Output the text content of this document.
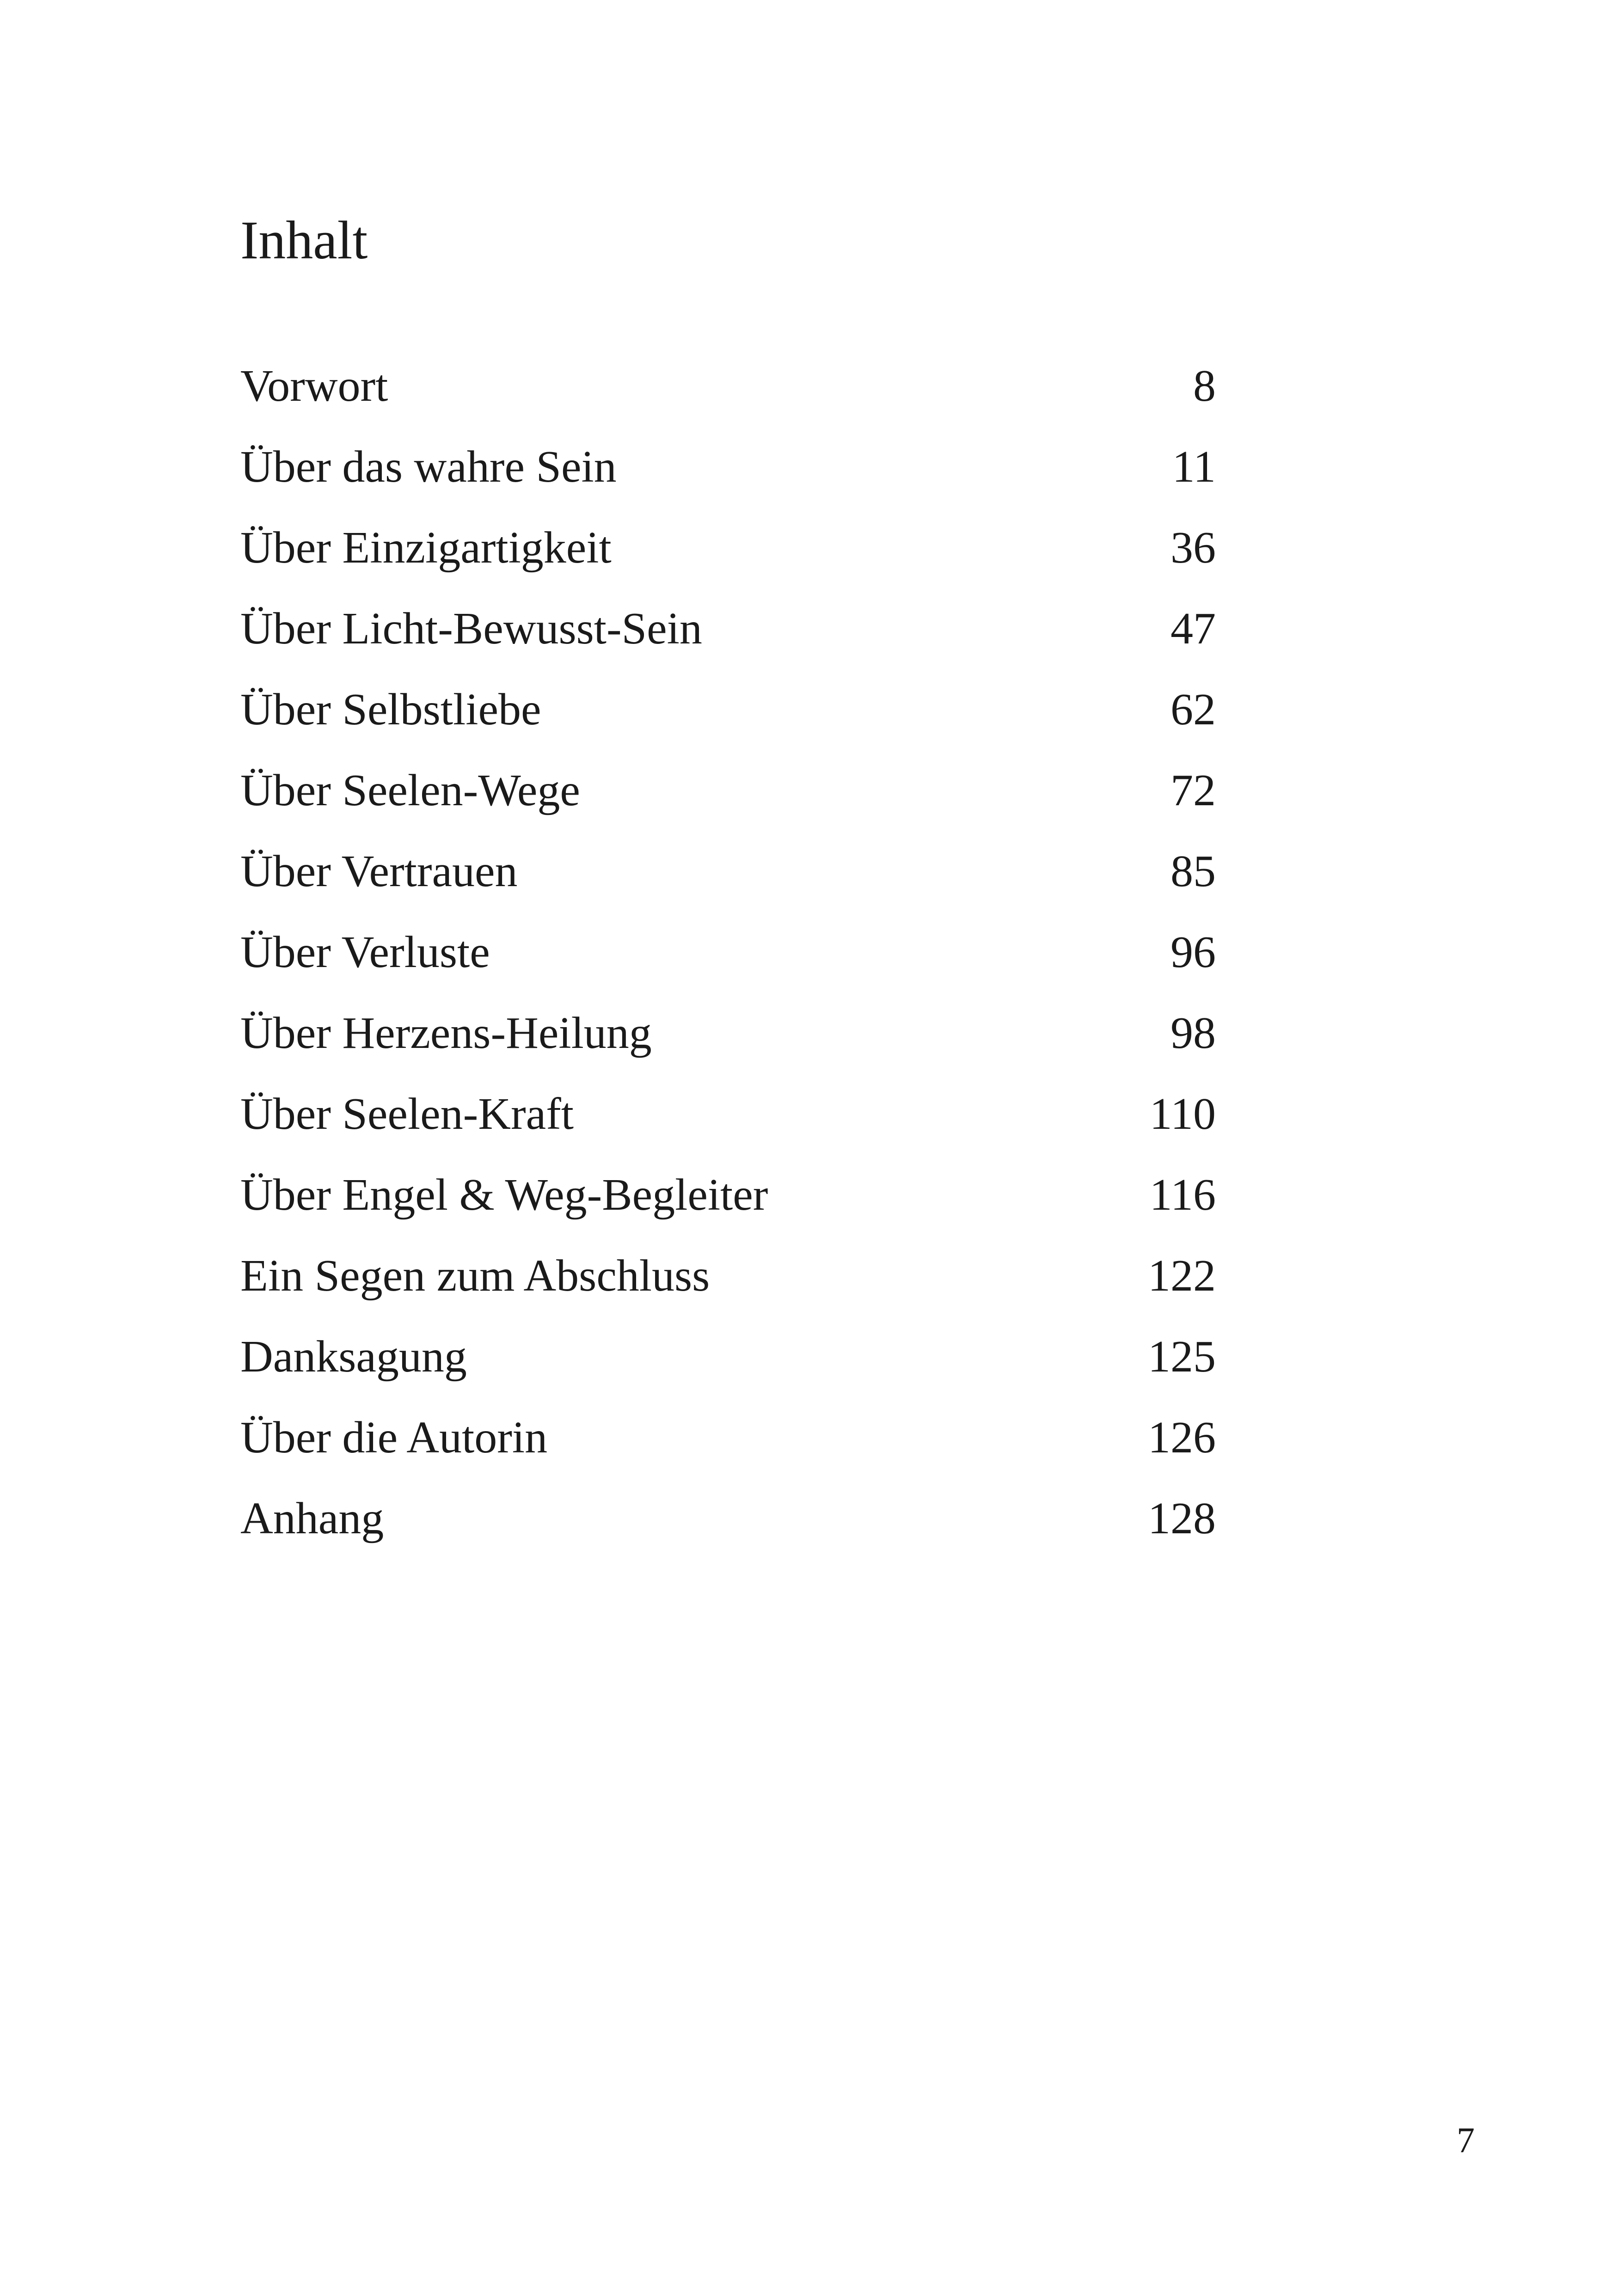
Inhalt
Vorwort	8
Über das wahre Sein	11
Über Einzigartigkeit	36
Über Licht-Bewusst-Sein	47
Über Selbstliebe	62
Über Seelen-Wege	72
Über Vertrauen	85
Über Verluste	96
Über Herzens-Heilung	98
Über Seelen-Kraft	110
Über Engel & Weg-Begleiter	116
Ein Segen zum Abschluss	122
Danksagung	125
Über die Autorin	126
Anhang	128
7
